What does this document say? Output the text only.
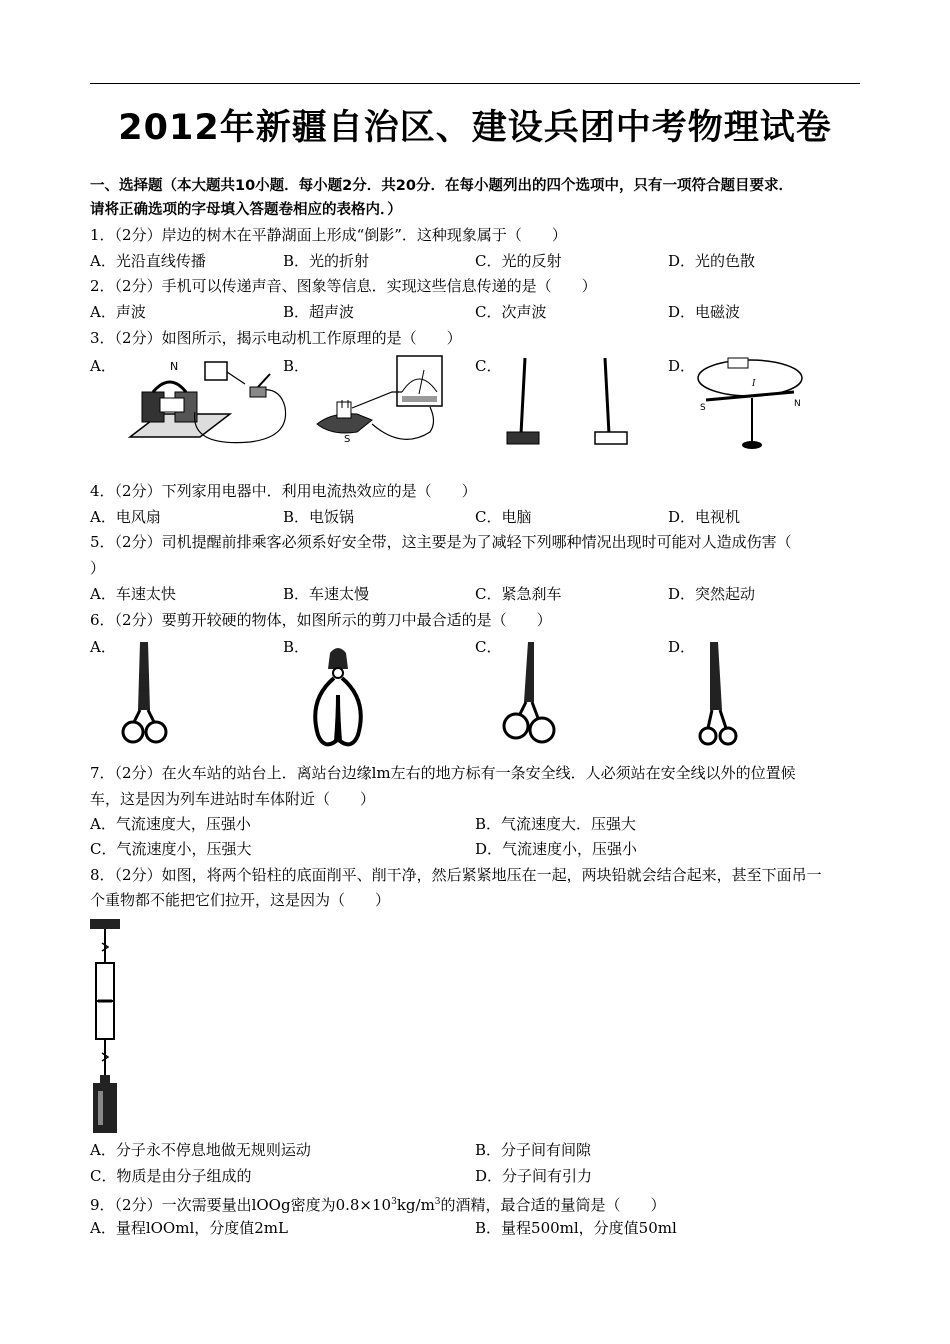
2012年新疆自治区、建设兵团中考物理试卷
一、选择题（本大题共10小题．每小题2分．共20分．在每小题列出的四个选项中，只有一项符合题目要求．
请将正确选项的字母填入答题卷相应的表格内．）
1．（2分）岸边的树木在平静湖面上形成“倒影”．这种现象属于（　　）
A．光沿直线传播	B．光的折射	C．光的反射	D．光的色散
2．（2分）手机可以传递声音、图象等信息．实现这些信息传递的是（　　）
A．声波	B．超声波	C．次声波	D．电磁波
3．（2分）如图所示，揭示电动机工作原理的是（　　）
A．	B．	C．	D．
N
S
I
S	N
4．（2分）下列家用电器中．利用电流热效应的是（　　）
A．电风扇	B．电饭锅	C．电脑	D．电视机
5．（2分）司机提醒前排乘客必须系好安全带，这主要是为了减轻下列哪种情况出现时可能对人造成伤害（
）
A．车速太快	B．车速太慢	C．紧急刹车	D．突然起动
6．（2分）要剪开较硬的物体，如图所示的剪刀中最合适的是（　　）
A．	B．	C．	D．
7．（2分）在火车站的站台上．离站台边缘lm左右的地方标有一条安全线．人必须站在安全线以外的位置候
车，这是因为列车进站时车体附近（　　）
A．气流速度大，压强小	B．气流速度大．压强大
C．气流速度小，压强大	D．气流速度小，压强小
8．（2分）如图，将两个铅柱的底面削平、削干净，然后紧紧地压在一起，两块铅就会结合起来，甚至下面吊一
个重物都不能把它们拉开，这是因为（　　）
A．分子永不停息地做无规则运动	B．分子间有间隙
C．物质是由分子组成的	D．分子间有引力
9．（2分）一次需要量出lOOg密度为$0.8\times 10^3kg/m^3$的酒精，最合适的量筒是（　　）
A．量程lOOml，分度值2mL	B．量程500ml，分度值50ml
